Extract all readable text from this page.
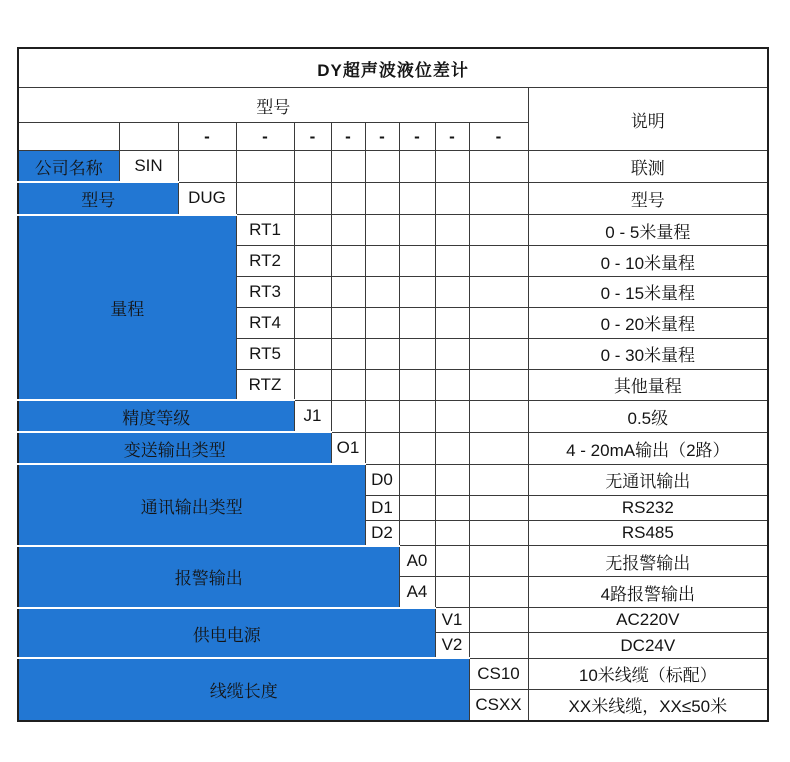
DY超声波液位差计										
型号										说明
		-	-	-	-	-	-	-	-	
公司名称	SIN									联测
型号		DUG								型号
量程			RT1							0 - 5米量程
			RT2							0 - 10米量程
			RT3							0 - 15米量程
			RT4							0 - 20米量程
			RT5							0 - 30米量程
			RTZ							其他量程
精度等级				J1						0.5级
变送输出类型					O1					4 - 20mA输出（2路）
通讯输出类型						D0				无通讯输出
						D1				RS232
						D2				RS485
报警输出							A0			无报警输出
							A4			4路报警输出
供电电源								V1		AC220V
								V2		DC24V
线缆长度									CS10	10米线缆（标配）
									CSXX	XX米线缆，XX≤50米
